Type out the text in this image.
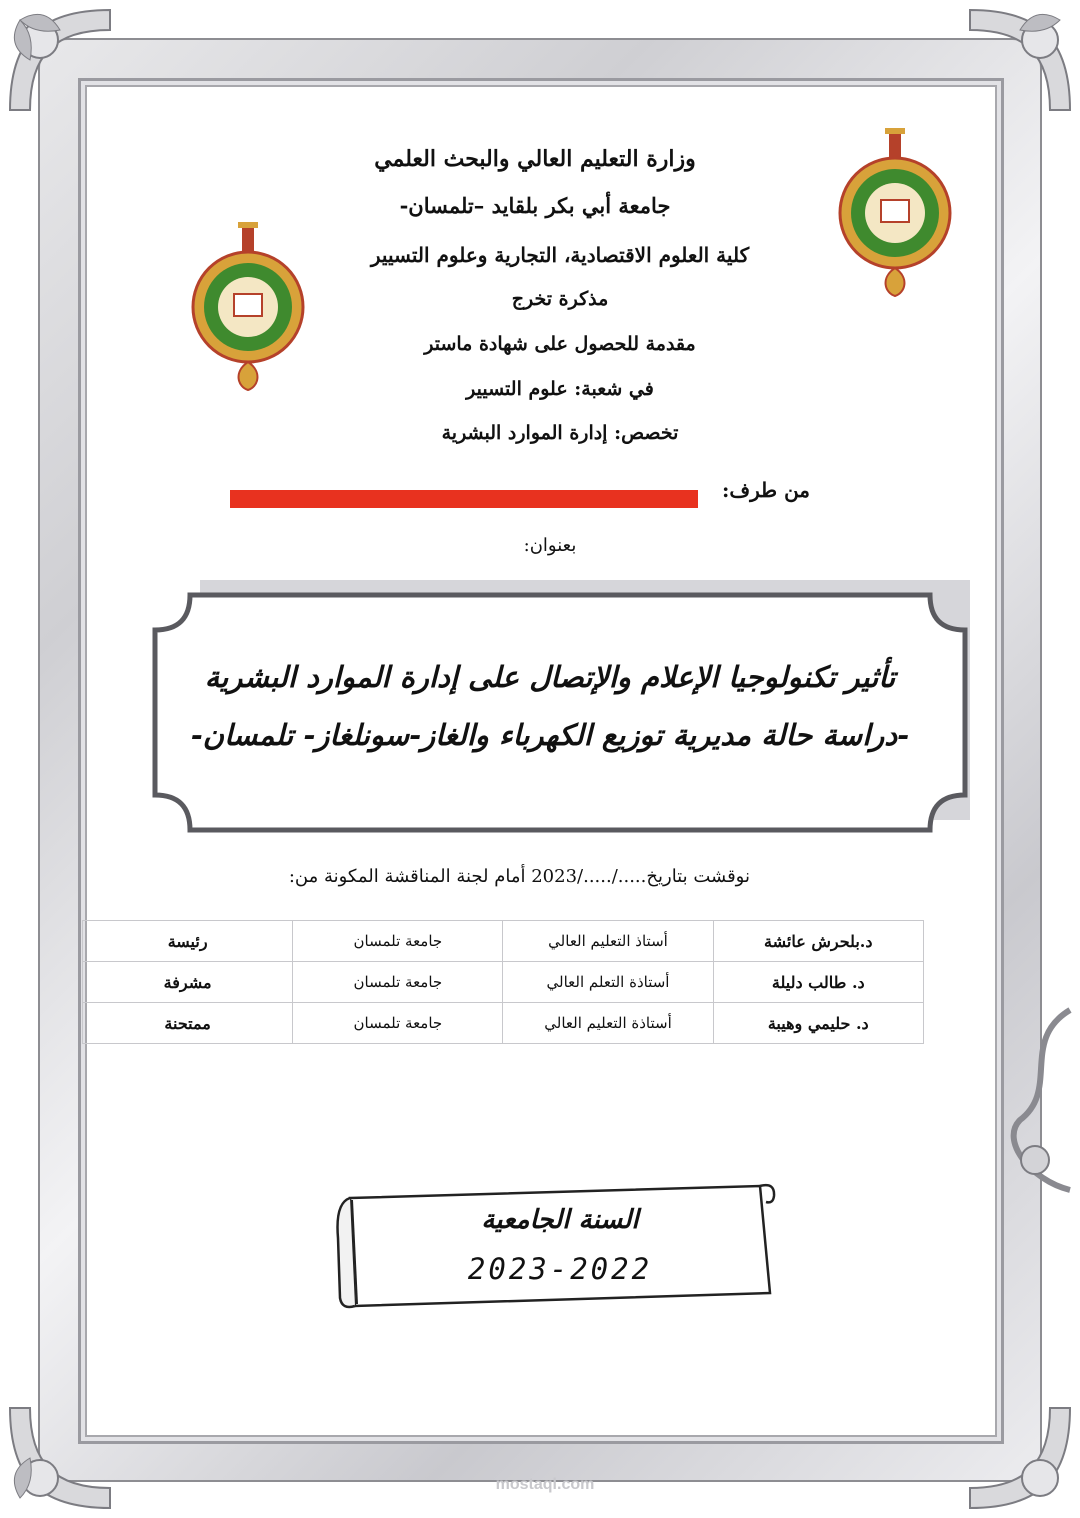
وزارة التعليم العالي والبحث العلمي
جامعة أبي بكر بلقايد –تلمسان-
كلية العلوم الاقتصادية، التجارية وعلوم التسيير
مذكرة تخرج
مقدمة للحصول على شهادة ماستر
في شعبة: علوم التسيير
تخصص: إدارة الموارد البشرية
من طرف:
بعنوان:
تأثير تكنولوجيا الإعلام والإتصال على إدارة الموارد البشرية
-دراسة حالة مديرية توزيع الكهرباء والغاز-سونلغاز- تلمسان-
نوقشت بتاريخ...../...../2023 أمام لجنة المناقشة المكونة من:
د.بلحرش عائشة	أستاذ التعليم العالي	جامعة تلمسان	رئيسة
د. طالب دليلة	أستاذة التعلم العالي	جامعة تلمسان	مشرفة
د. حليمي وهيبة	أستاذة التعليم العالي	جامعة تلمسان	ممتحنة
السنة الجامعية
2023-2022
mostaql.com
